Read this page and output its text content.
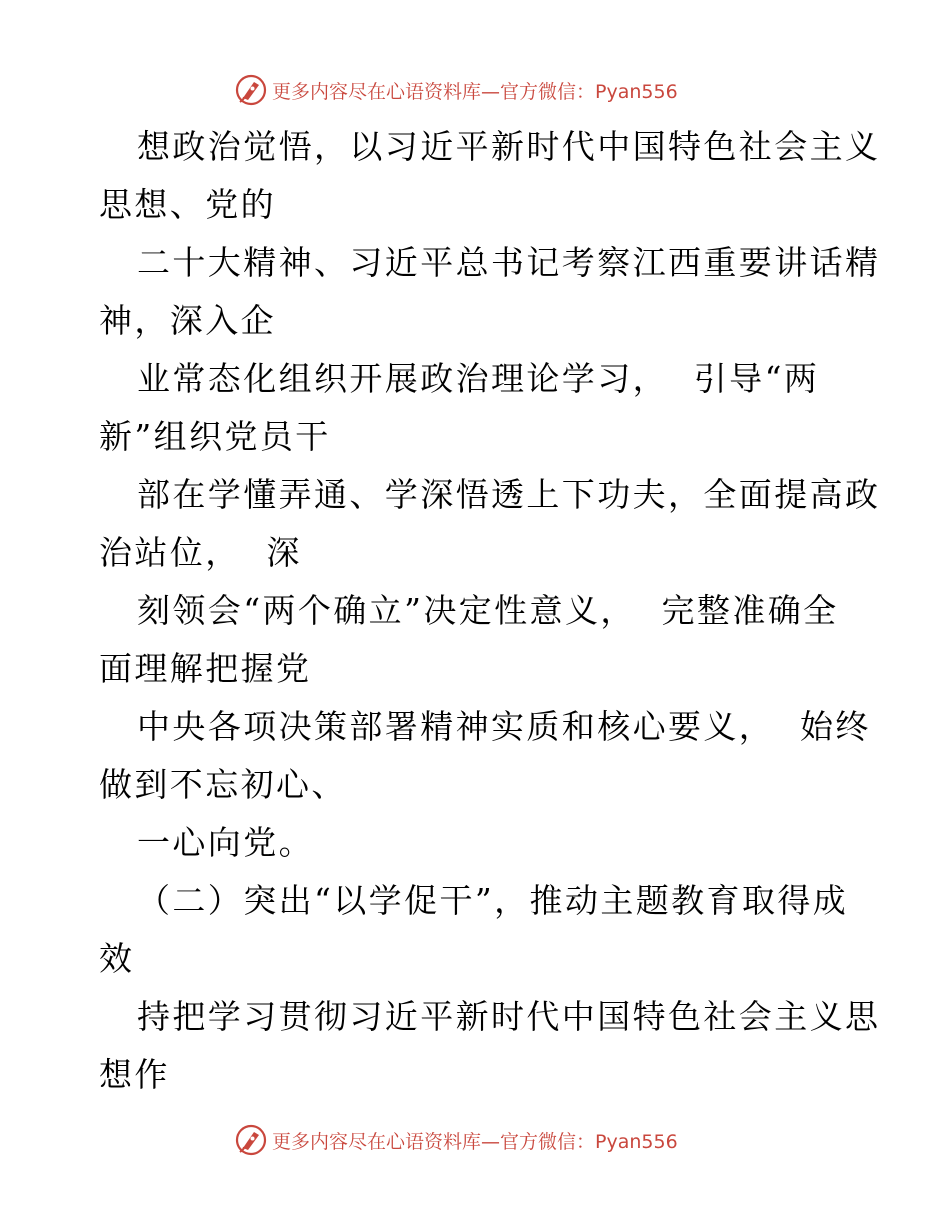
更多内容尽在心语资料库—官方微信：Pyan556
想政治觉悟，以习近平新时代中国特色社会主义
思想、党的
二十大精神、习近平总书记考察江西重要讲话精
神，深入企
业常态化组织开展政治理论学习，  引导“两
新”组织党员干
部在学懂弄通、学深悟透上下功夫，全面提高政
治站位，  深
刻领会“两个确立”决定性意义，  完整准确全
面理解把握党
中央各项决策部署精神实质和核心要义，  始终
做到不忘初心、
一心向党。
（二）突出“以学促干”，推动主题教育取得成
效
持把学习贯彻习近平新时代中国特色社会主义思
想作
更多内容尽在心语资料库—官方微信：Pyan556
